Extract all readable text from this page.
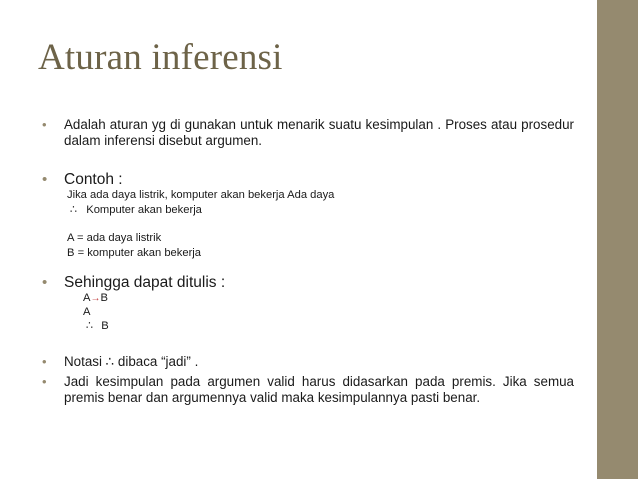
Aturan inferensi
• Adalah aturan yg di gunakan untuk menarik suatu kesimpulan . Proses atau prosedur dalam inferensi disebut argumen.
• Contoh :
Jika ada daya listrik, komputer akan bekerja Ada daya
∴ Komputer akan bekerja
A = ada daya listrik
B = komputer akan bekerja
• Sehingga dapat ditulis :
A→B
A
∴ B
• Notasi ∴ dibaca “jadi” .
• Jadi kesimpulan pada argumen valid harus didasarkan pada premis. Jika semua premis benar dan argumennya valid maka kesimpulannya pasti benar.
